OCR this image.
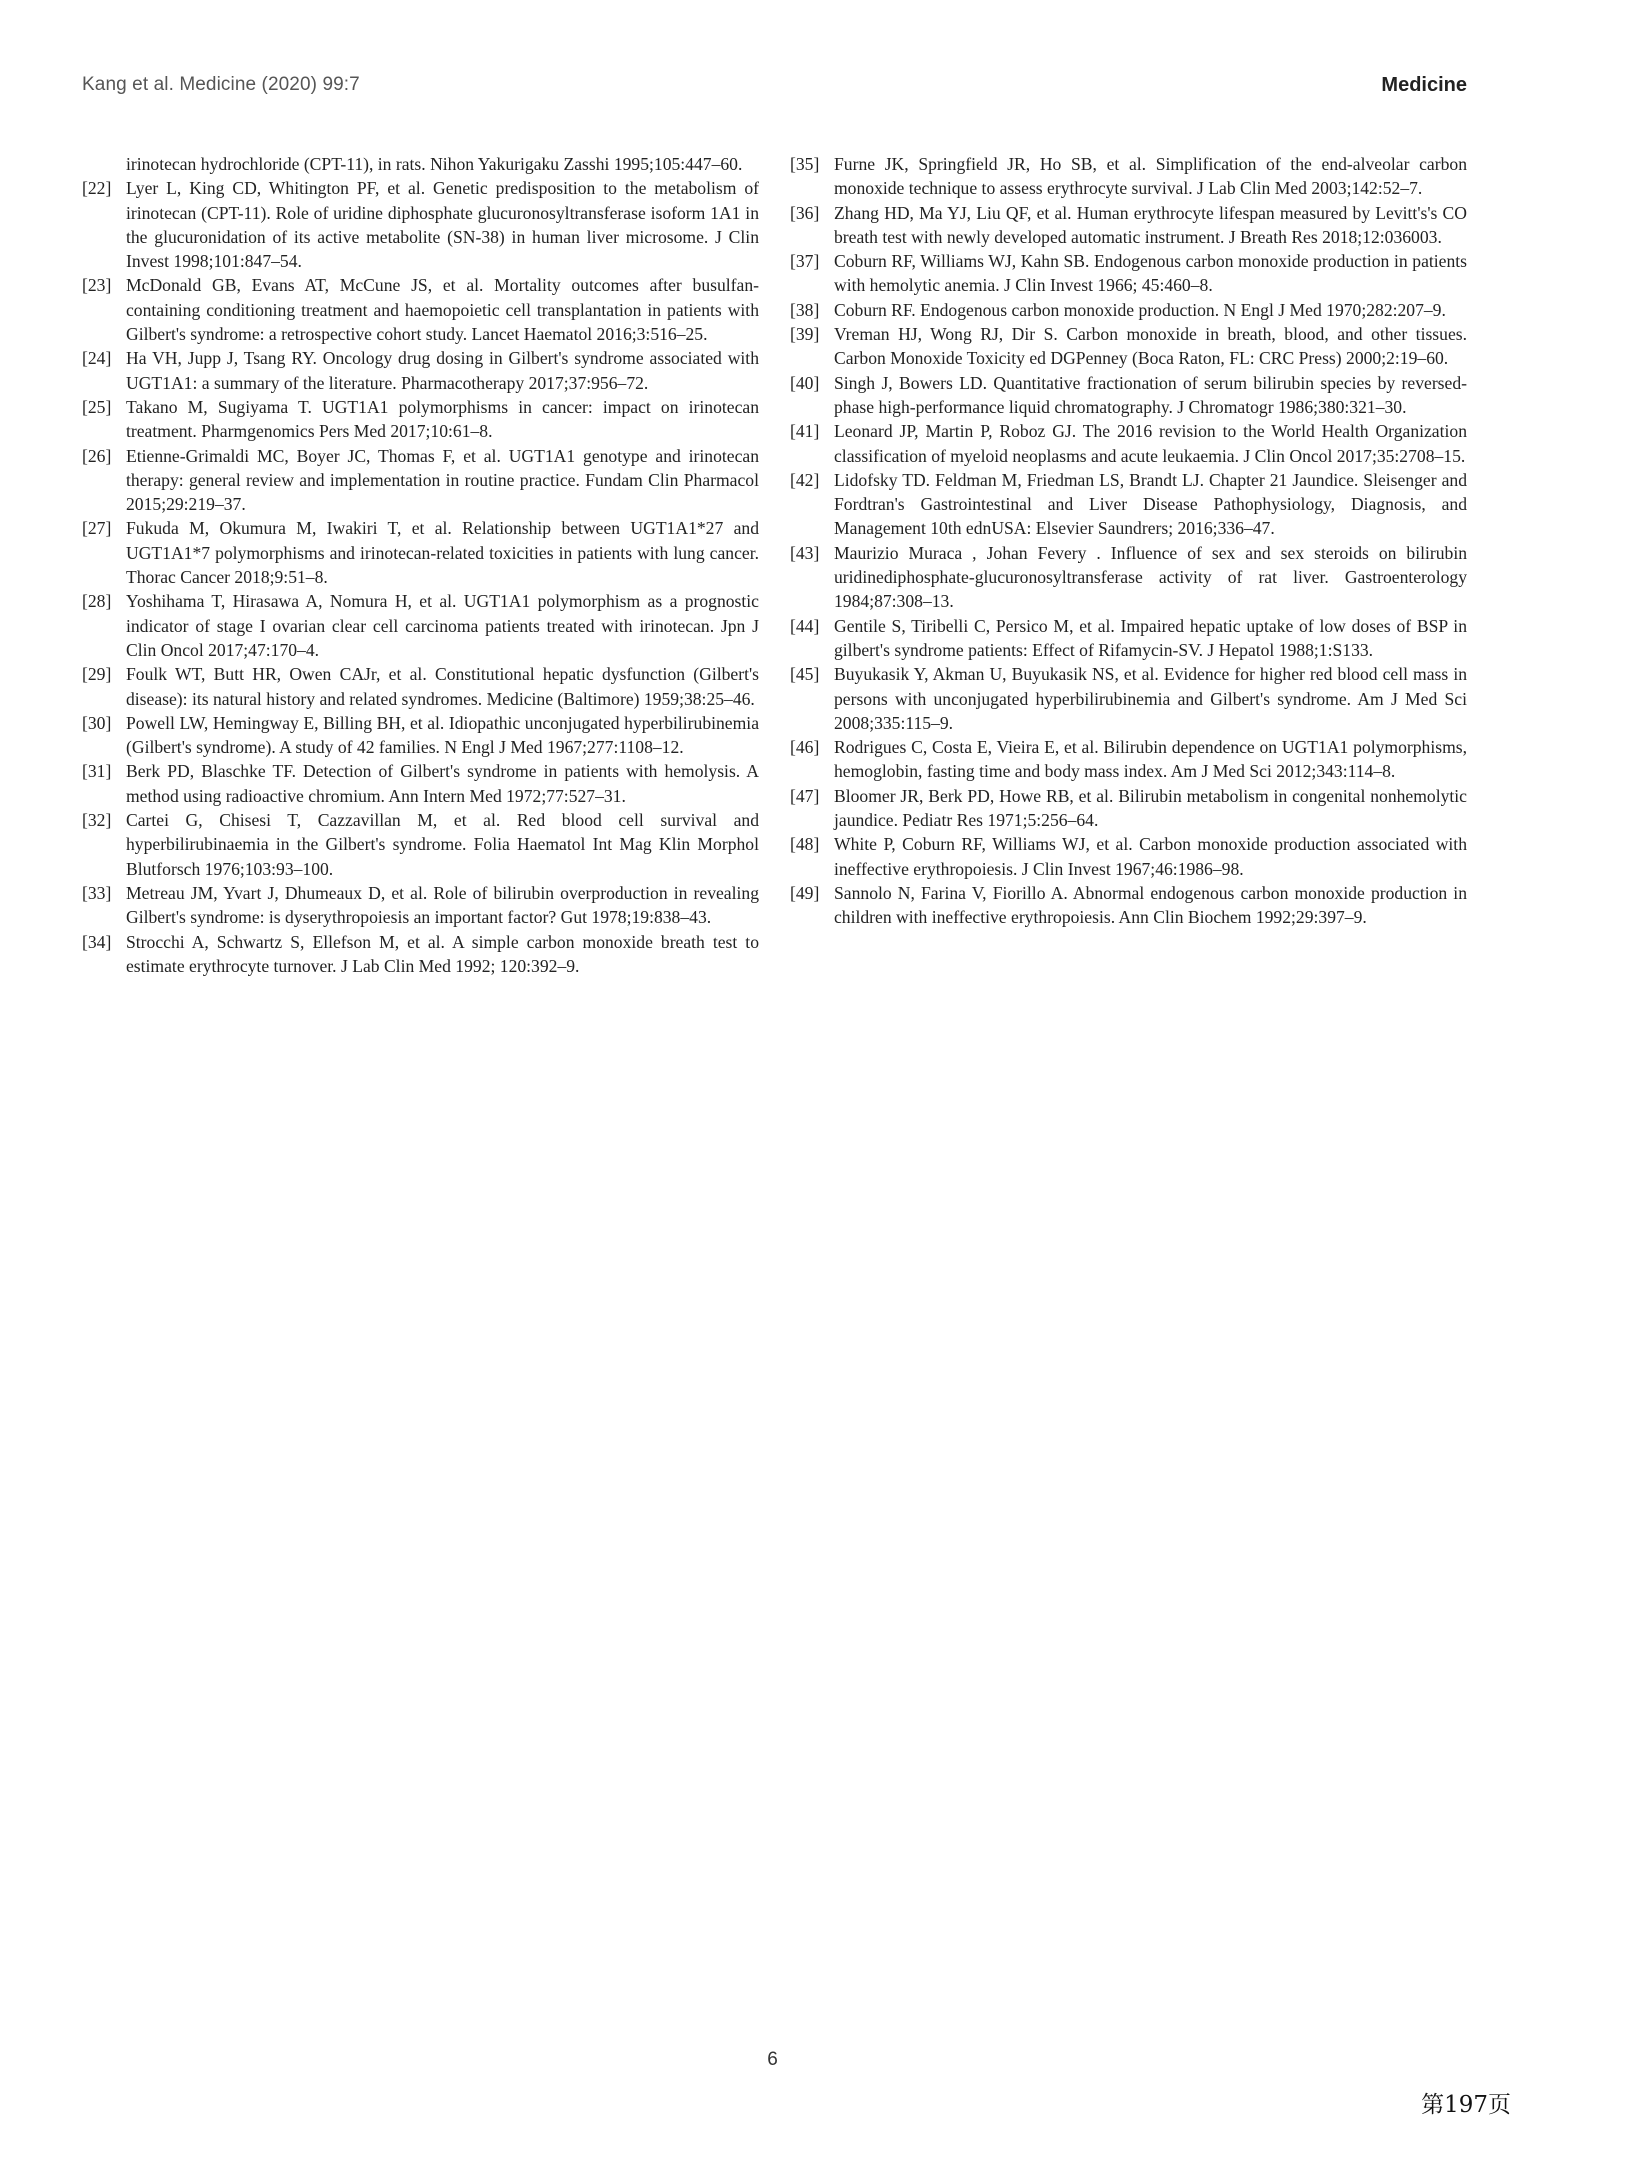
Kang et al. Medicine (2020) 99:7	Medicine
irinotecan hydrochloride (CPT-11), in rats. Nihon Yakurigaku Zasshi 1995;105:447–60.
[22] Lyer L, King CD, Whitington PF, et al. Genetic predisposition to the metabolism of irinotecan (CPT-11). Role of uridine diphosphate glucuronosyltransferase isoform 1A1 in the glucuronidation of its active metabolite (SN-38) in human liver microsome. J Clin Invest 1998;101:847–54.
[23] McDonald GB, Evans AT, McCune JS, et al. Mortality outcomes after busulfan-containing conditioning treatment and haemopoietic cell transplantation in patients with Gilbert's syndrome: a retrospective cohort study. Lancet Haematol 2016;3:516–25.
[24] Ha VH, Jupp J, Tsang RY. Oncology drug dosing in Gilbert's syndrome associated with UGT1A1: a summary of the literature. Pharmacotherapy 2017;37:956–72.
[25] Takano M, Sugiyama T. UGT1A1 polymorphisms in cancer: impact on irinotecan treatment. Pharmgenomics Pers Med 2017;10:61–8.
[26] Etienne-Grimaldi MC, Boyer JC, Thomas F, et al. UGT1A1 genotype and irinotecan therapy: general review and implementation in routine practice. Fundam Clin Pharmacol 2015;29:219–37.
[27] Fukuda M, Okumura M, Iwakiri T, et al. Relationship between UGT1A1*27 and UGT1A1*7 polymorphisms and irinotecan-related toxicities in patients with lung cancer. Thorac Cancer 2018;9:51–8.
[28] Yoshihama T, Hirasawa A, Nomura H, et al. UGT1A1 polymorphism as a prognostic indicator of stage I ovarian clear cell carcinoma patients treated with irinotecan. Jpn J Clin Oncol 2017;47:170–4.
[29] Foulk WT, Butt HR, Owen CAJr, et al. Constitutional hepatic dysfunction (Gilbert's disease): its natural history and related syndromes. Medicine (Baltimore) 1959;38:25–46.
[30] Powell LW, Hemingway E, Billing BH, et al. Idiopathic unconjugated hyperbilirubinemia (Gilbert's syndrome). A study of 42 families. N Engl J Med 1967;277:1108–12.
[31] Berk PD, Blaschke TF. Detection of Gilbert's syndrome in patients with hemolysis. A method using radioactive chromium. Ann Intern Med 1972;77:527–31.
[32] Cartei G, Chisesi T, Cazzavillan M, et al. Red blood cell survival and hyperbilirubinaemia in the Gilbert's syndrome. Folia Haematol Int Mag Klin Morphol Blutforsch 1976;103:93–100.
[33] Metreau JM, Yvart J, Dhumeaux D, et al. Role of bilirubin overproduction in revealing Gilbert's syndrome: is dyserythropoiesis an important factor? Gut 1978;19:838–43.
[34] Strocchi A, Schwartz S, Ellefson M, et al. A simple carbon monoxide breath test to estimate erythrocyte turnover. J Lab Clin Med 1992; 120:392–9.
[35] Furne JK, Springfield JR, Ho SB, et al. Simplification of the end-alveolar carbon monoxide technique to assess erythrocyte survival. J Lab Clin Med 2003;142:52–7.
[36] Zhang HD, Ma YJ, Liu QF, et al. Human erythrocyte lifespan measured by Levitt's's CO breath test with newly developed automatic instrument. J Breath Res 2018;12:036003.
[37] Coburn RF, Williams WJ, Kahn SB. Endogenous carbon monoxide production in patients with hemolytic anemia. J Clin Invest 1966; 45:460–8.
[38] Coburn RF. Endogenous carbon monoxide production. N Engl J Med 1970;282:207–9.
[39] Vreman HJ, Wong RJ, Dir S. Carbon monoxide in breath, blood, and other tissues. Carbon Monoxide Toxicity ed DGPenney (Boca Raton, FL: CRC Press) 2000;2:19–60.
[40] Singh J, Bowers LD. Quantitative fractionation of serum bilirubin species by reversed-phase high-performance liquid chromatography. J Chromatogr 1986;380:321–30.
[41] Leonard JP, Martin P, Roboz GJ. The 2016 revision to the World Health Organization classification of myeloid neoplasms and acute leukaemia. J Clin Oncol 2017;35:2708–15.
[42] Lidofsky TD. Feldman M, Friedman LS, Brandt LJ. Chapter 21 Jaundice. Sleisenger and Fordtran's Gastrointestinal and Liver Disease Pathophysiology, Diagnosis, and Management 10th ednUSA: Elsevier Saundrers; 2016;336–47.
[43] Maurizio Muraca , Johan Fevery . Influence of sex and sex steroids on bilirubin uridinediphosphate-glucuronosyltransferase activity of rat liver. Gastroenterology 1984;87:308–13.
[44] Gentile S, Tiribelli C, Persico M, et al. Impaired hepatic uptake of low doses of BSP in gilbert's syndrome patients: Effect of Rifamycin-SV. J Hepatol 1988;1:S133.
[45] Buyukasik Y, Akman U, Buyukasik NS, et al. Evidence for higher red blood cell mass in persons with unconjugated hyperbilirubinemia and Gilbert's syndrome. Am J Med Sci 2008;335:115–9.
[46] Rodrigues C, Costa E, Vieira E, et al. Bilirubin dependence on UGT1A1 polymorphisms, hemoglobin, fasting time and body mass index. Am J Med Sci 2012;343:114–8.
[47] Bloomer JR, Berk PD, Howe RB, et al. Bilirubin metabolism in congenital nonhemolytic jaundice. Pediatr Res 1971;5:256–64.
[48] White P, Coburn RF, Williams WJ, et al. Carbon monoxide production associated with ineffective erythropoiesis. J Clin Invest 1967;46:1986–98.
[49] Sannolo N, Farina V, Fiorillo A. Abnormal endogenous carbon monoxide production in children with ineffective erythropoiesis. Ann Clin Biochem 1992;29:397–9.
6
第197页
